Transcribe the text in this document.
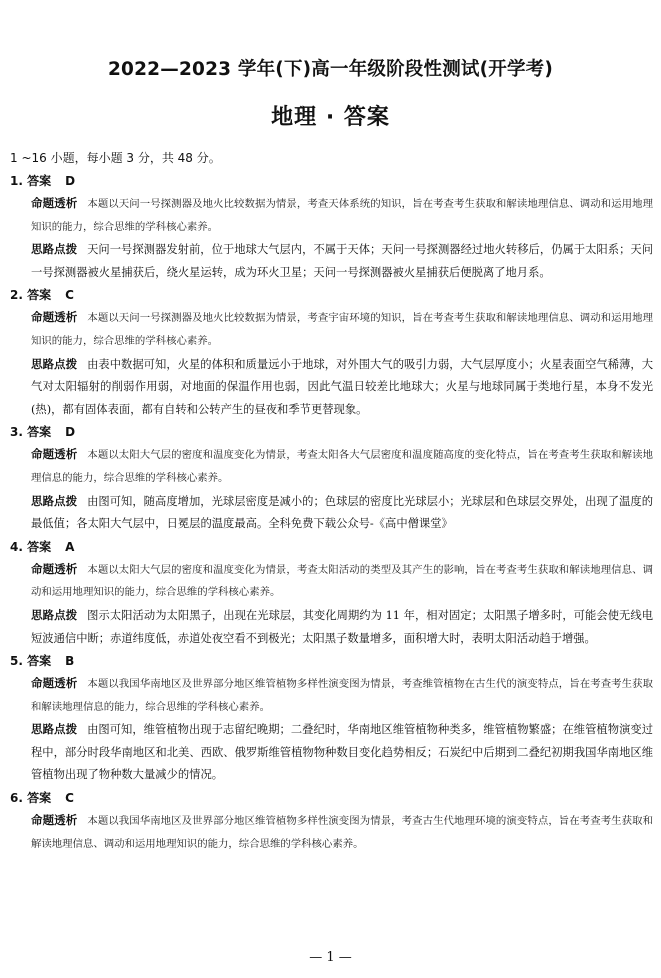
2022—2023 学年(下)高一年级阶段性测试(开学考)
地理 · 答案
1 ~16 小题，每小题 3 分，共 48 分。
1. 答案 D

命题透析 本题以天问一号探测器及地火比较数据为情景，考查天体系统的知识，旨在考查考生获取和解读地理信息、调动和运用地理知识的能力，综合思维的学科核心素养。

思路点拨 天问一号探测器发射前，位于地球大气层内，不属于天体；天问一号探测器经过地火转移后，仍属于太阳系；天问一号探测器被火星捕获后，绕火星运转，成为环火卫星；天问一号探测器被火星捕获后便脱离了地月系。

2. 答案 C

命题透析 本题以天问一号探测器及地火比较数据为情景，考查宇宙环境的知识，旨在考查考生获取和解读地理信息、调动和运用地理知识的能力，综合思维的学科核心素养。

思路点拨 由表中数据可知，火星的体积和质量远小于地球，对外围大气的吸引力弱，大气层厚度小；火星表面空气稀薄，大气对太阳辐射的削弱作用弱，对地面的保温作用也弱，因此气温日较差比地球大；火星与地球同属于类地行星，本身不发光(热)，都有固体表面，都有自转和公转产生的昼夜和季节更替现象。

3. 答案 D

命题透析 本题以太阳大气层的密度和温度变化为情景，考查太阳各大气层密度和温度随高度的变化特点，旨在考查考生获取和解读地理信息的能力，综合思维的学科核心素养。

思路点拨 由图可知，随高度增加，光球层密度是减小的；色球层的密度比光球层小；光球层和色球层交界处，出现了温度的最低值；各太阳大气层中，日冕层的温度最高。全科免费下载公众号-《高中僧课堂》

4. 答案 A

命题透析 本题以太阳大气层的密度和温度变化为情景，考查太阳活动的类型及其产生的影响，旨在考查考生获取和解读地理信息、调动和运用地理知识的能力，综合思维的学科核心素养。

思路点拨 图示太阳活动为太阳黑子，出现在光球层，其变化周期约为 11 年，相对固定；太阳黑子增多时，可能会使无线电短波通信中断；赤道纬度低，赤道处夜空看不到极光；太阳黑子数量增多，面积增大时，表明太阳活动趋于增强。

5. 答案 B

命题透析 本题以我国华南地区及世界部分地区维管植物多样性演变图为情景，考查维管植物在古生代的演变特点，旨在考查考生获取和解读地理信息的能力，综合思维的学科核心素养。

思路点拨 由图可知，维管植物出现于志留纪晚期；二叠纪时，华南地区维管植物种类多，维管植物繁盛；在维管植物演变过程中，部分时段华南地区和北美、西欧、俄罗斯维管植物物种数目变化趋势相反；石炭纪中后期到二叠纪初期我国华南地区维管植物出现了物种数大量减少的情况。

6. 答案 C

命题透析 本题以我国华南地区及世界部分地区维管植物多样性演变图为情景，考查古生代地理环境的演变特点，旨在考查考生获取和解读地理信息、调动和运用地理知识的能力，综合思维的学科核心素养。

— 1 —
